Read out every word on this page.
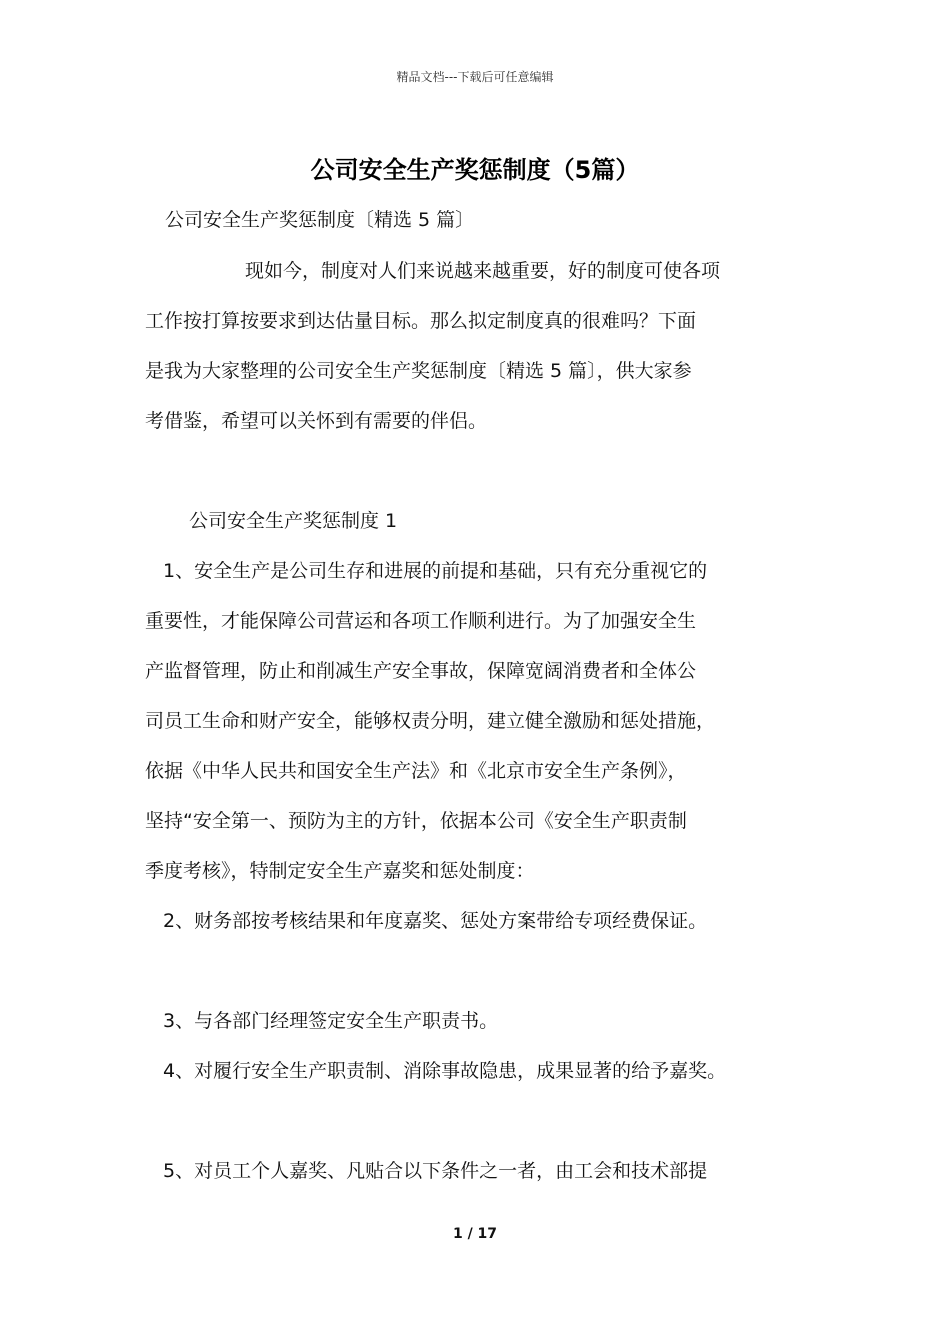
精品文档---下载后可任意编辑
公司安全生产奖惩制度（5篇）
公司安全生产奖惩制度〔精选 5 篇〕
现如今，制度对人们来说越来越重要，好的制度可使各项
工作按打算按要求到达估量目标。那么拟定制度真的很难吗？下面
是我为大家整理的公司安全生产奖惩制度〔精选 5 篇〕，供大家参
考借鉴，希望可以关怀到有需要的伴侣。
公司安全生产奖惩制度 1
1、安全生产是公司生存和进展的前提和基础，只有充分重视它的
重要性，才能保障公司营运和各项工作顺利进行。为了加强安全生
产监督管理，防止和削减生产安全事故，保障宽阔消费者和全体公
司员工生命和财产安全，能够权责分明，建立健全激励和惩处措施，
依据《中华人民共和国安全生产法》和《北京市安全生产条例》，
坚持“安全第一、预防为主的方针，依据本公司《安全生产职责制
季度考核》，特制定安全生产嘉奖和惩处制度：
2、财务部按考核结果和年度嘉奖、惩处方案带给专项经费保证。
3、与各部门经理签定安全生产职责书。
4、对履行安全生产职责制、消除事故隐患，成果显著的给予嘉奖。
5、对员工个人嘉奖、凡贴合以下条件之一者，由工会和技术部提
1 / 17
